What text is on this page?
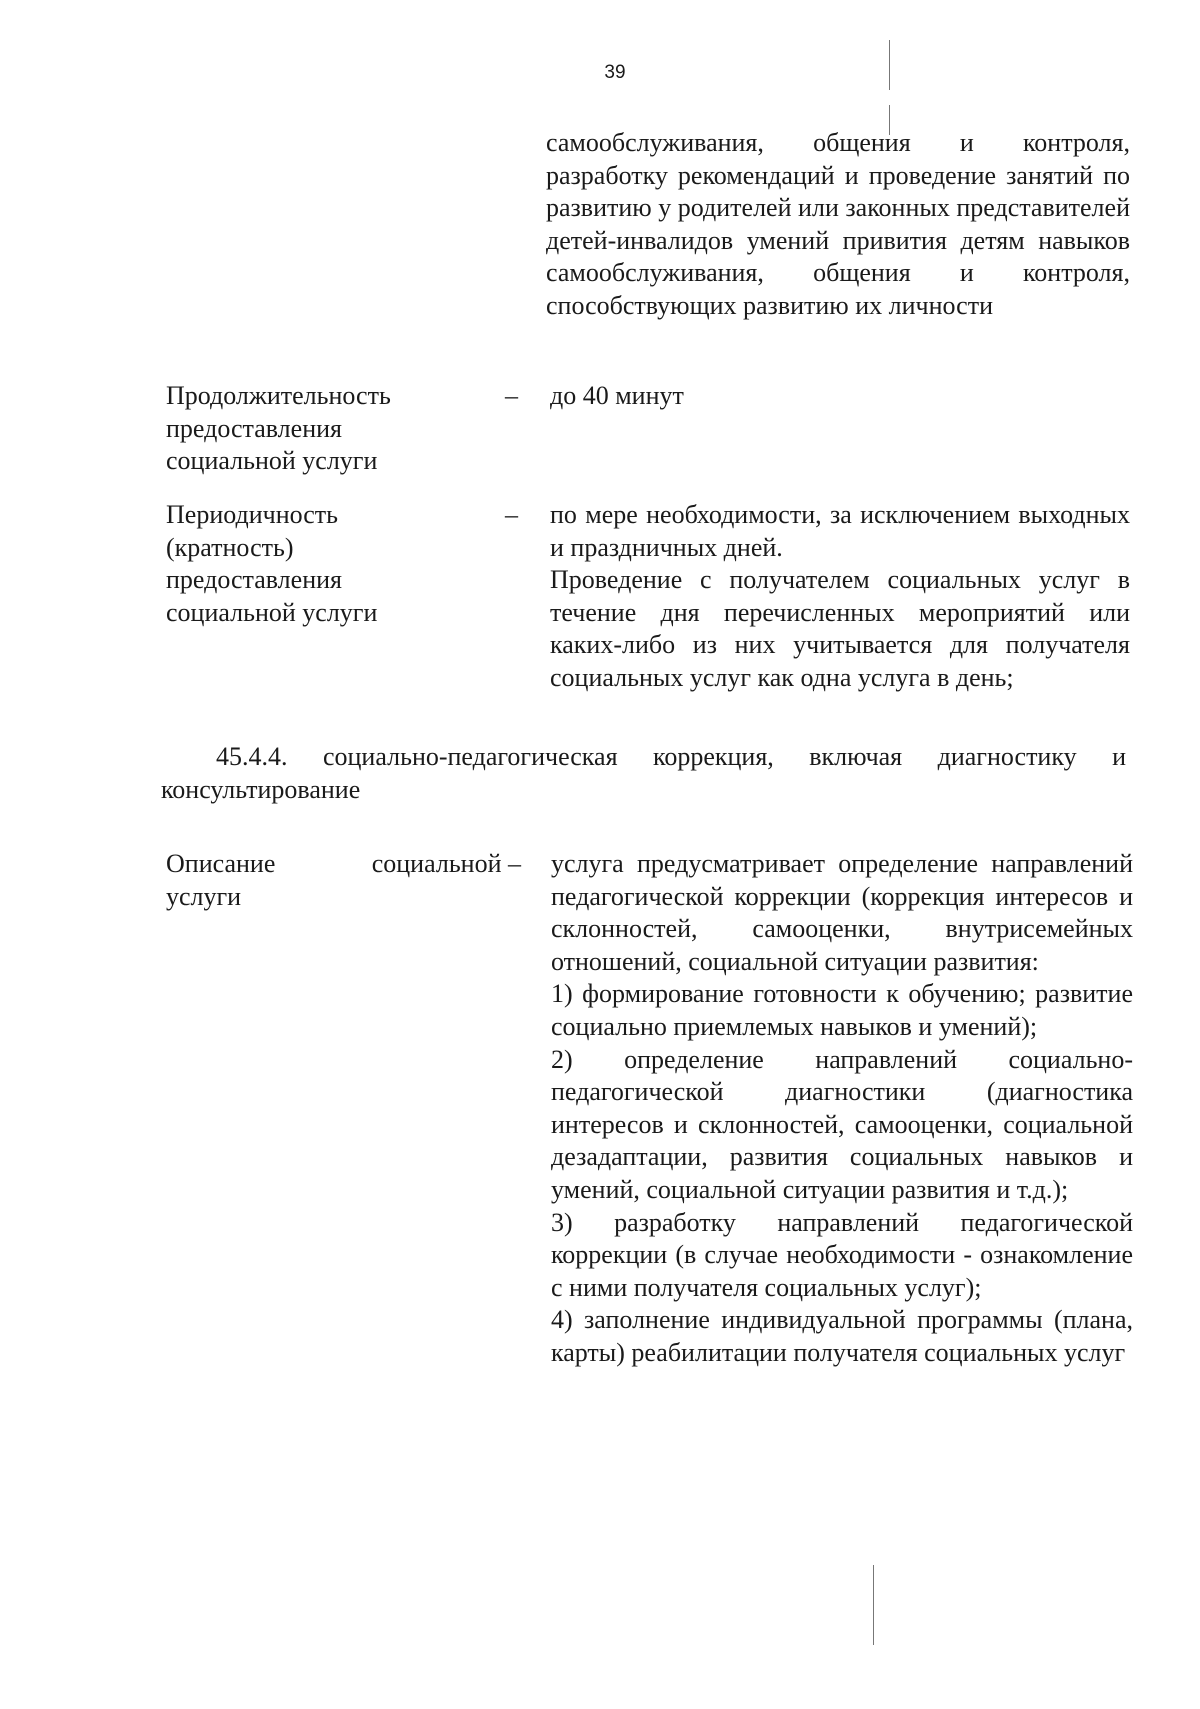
39
самообслуживания, общения и контроля, разработку рекомендаций и проведение занятий по развитию у родителей или законных представителей детей-инвалидов умений привития детям навыков самообслуживания, общения и контроля, способствующих развитию их личности
Продолжительность предоставления социальной услуги
– до 40 минут

Периодичность (кратность) предоставления социальной услуги
– по мере необходимости, за исключением выходных и праздничных дней.

Проведение с получателем социальных услуг в течение дня перечисленных мероприятий или каких-либо из них учитывается для получателя социальных услуг как одна услуга в день;

45.4.4. социально-педагогическая коррекция, включая диагностику и консультирование
Описание	социальной –
услуги

услуга предусматривает определение направлений педагогической коррекции (коррекция интересов и склонностей, самооценки, внутрисемейных отношений, социальной ситуации развития:

1) формирование готовности к обучению; развитие социально приемлемых навыков и умений);

2) определение направлений социально-педагогической диагностики (диагностика интересов и склонностей, самооценки, социальной дезадаптации, развития социальных навыков и умений, социальной ситуации развития и т.д.);

3) разработку направлений педагогической коррекции (в случае необходимости - ознакомление с ними получателя социальных услуг);

4) заполнение индивидуальной программы (плана, карты) реабилитации получателя социальных услуг
